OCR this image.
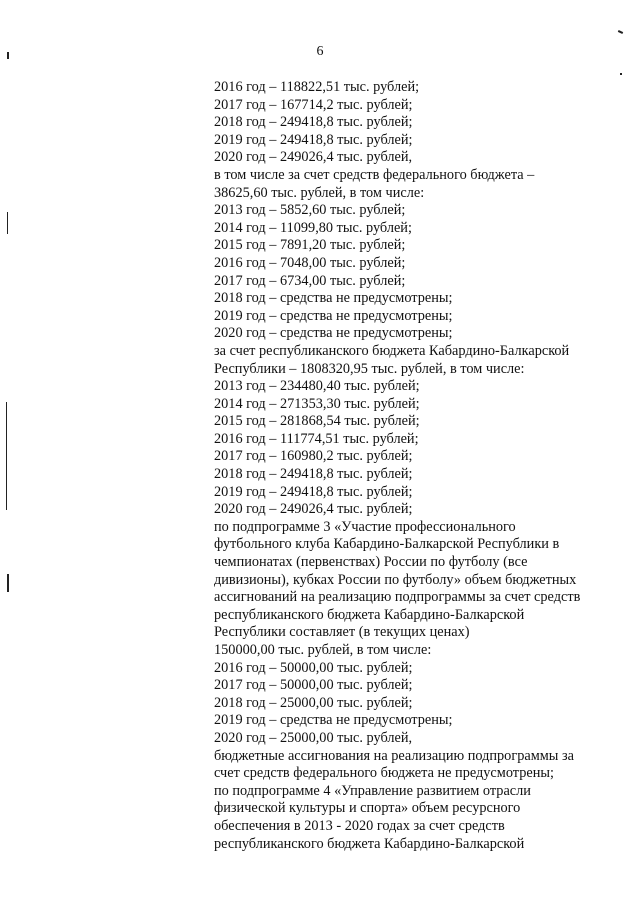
6
2016 год – 118822,51 тыс. рублей;
2017 год – 167714,2 тыс. рублей;
2018 год – 249418,8 тыс. рублей;
2019 год – 249418,8 тыс. рублей;
2020 год – 249026,4 тыс. рублей,
в том числе за счет средств федерального бюджета –
38625,60 тыс. рублей, в том числе:
2013 год – 5852,60 тыс. рублей;
2014 год – 11099,80 тыс. рублей;
2015 год – 7891,20 тыс. рублей;
2016 год – 7048,00 тыс. рублей;
2017 год – 6734,00 тыс. рублей;
2018 год – средства не предусмотрены;
2019 год – средства не предусмотрены;
2020 год – средства не предусмотрены;
за счет республиканского бюджета Кабардино-Балкарской
Республики – 1808320,95 тыс. рублей, в том числе:
2013 год – 234480,40 тыс. рублей;
2014 год – 271353,30 тыс. рублей;
2015 год – 281868,54 тыс. рублей;
2016 год – 111774,51 тыс. рублей;
2017 год – 160980,2 тыс. рублей;
2018 год – 249418,8 тыс. рублей;
2019 год – 249418,8 тыс. рублей;
2020 год – 249026,4 тыс. рублей;
по подпрограмме 3 «Участие профессионального
футбольного клуба Кабардино-Балкарской Республики в
чемпионатах (первенствах) России по футболу (все
дивизионы), кубках России по футболу» объем бюджетных
ассигнований на реализацию подпрограммы за счет средств
республиканского бюджета Кабардино-Балкарской
Республики составляет (в текущих ценах)
150000,00 тыс. рублей, в том числе:
2016 год – 50000,00 тыс. рублей;
2017 год – 50000,00 тыс. рублей;
2018 год – 25000,00 тыс. рублей;
2019 год – средства не предусмотрены;
2020 год – 25000,00 тыс. рублей,
бюджетные ассигнования на реализацию подпрограммы за
счет средств федерального бюджета не предусмотрены;
по подпрограмме 4 «Управление развитием отрасли
физической культуры и спорта» объем ресурсного
обеспечения в 2013 - 2020 годах за счет средств
республиканского бюджета Кабардино-Балкарской
